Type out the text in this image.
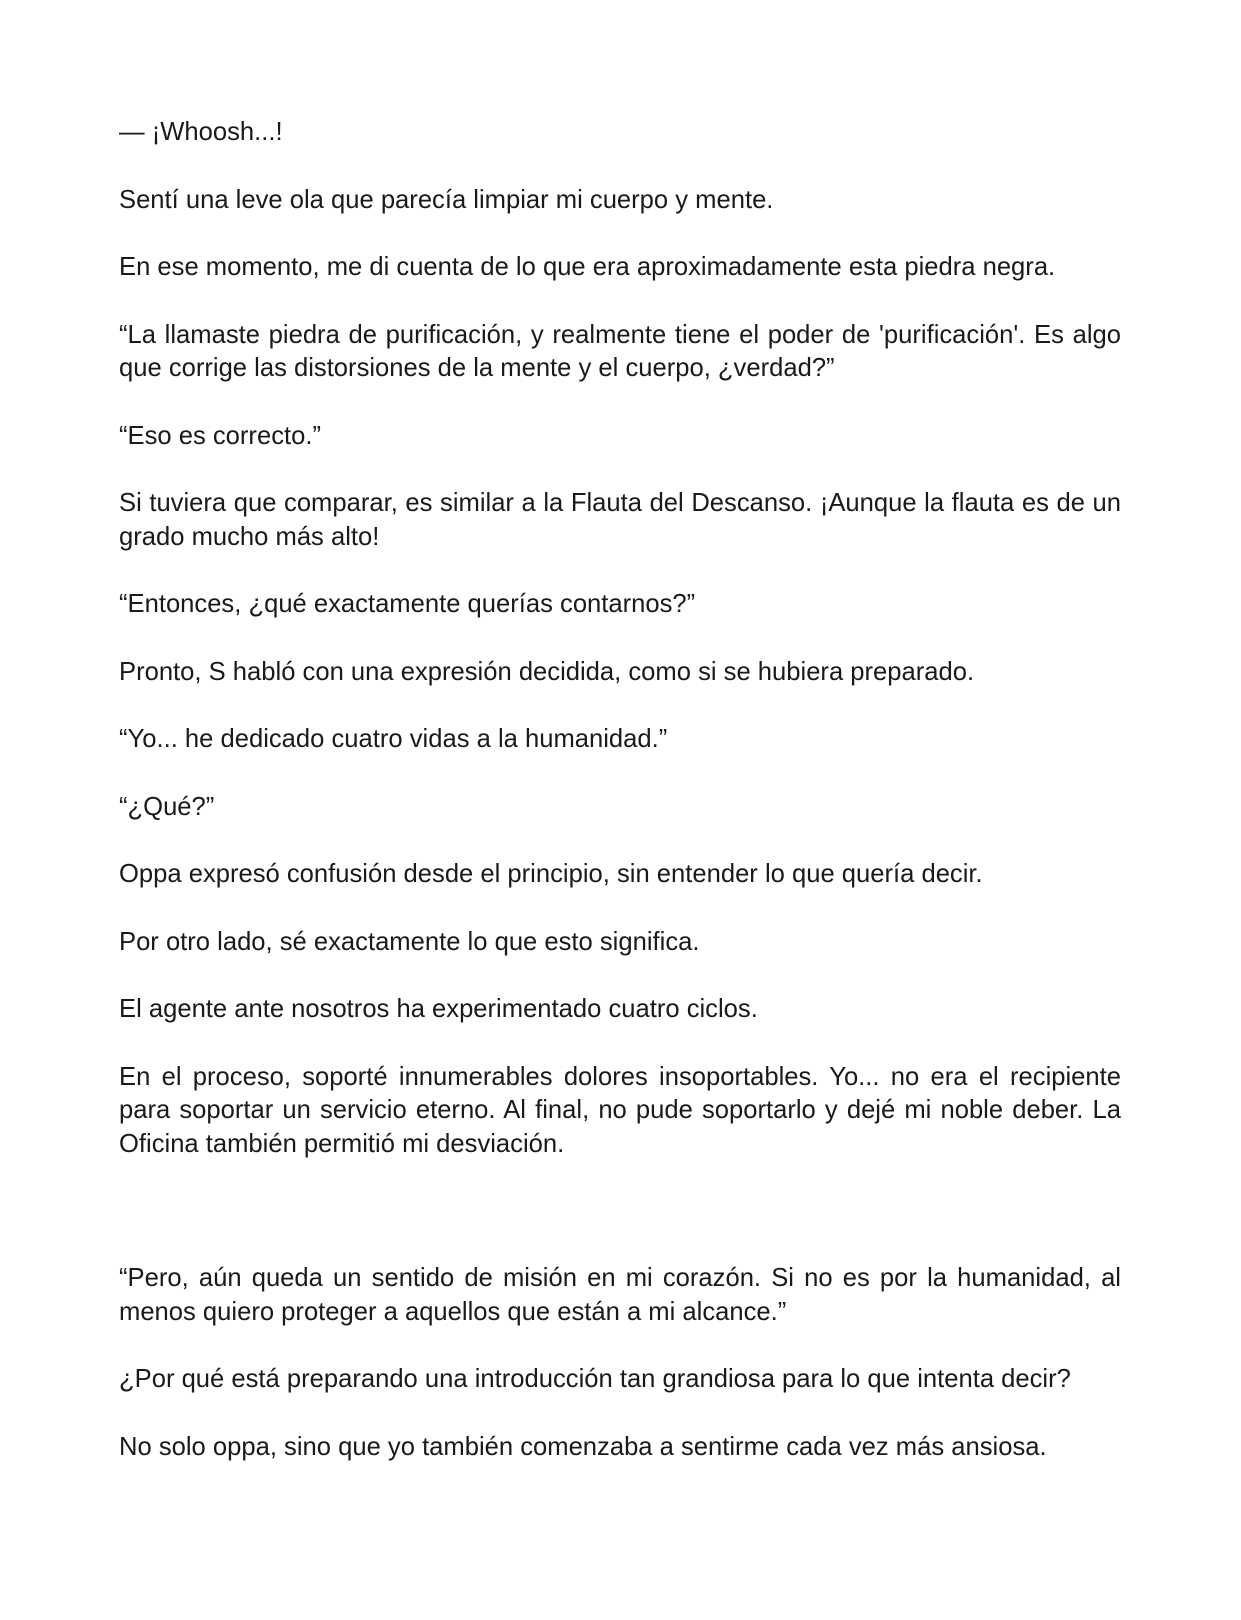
— ¡Whoosh...!

Sentí una leve ola que parecía limpiar mi cuerpo y mente.

En ese momento, me di cuenta de lo que era aproximadamente esta piedra negra.

“La llamaste piedra de purificación, y realmente tiene el poder de 'purificación'. Es algo que corrige las distorsiones de la mente y el cuerpo, ¿verdad?”

“Eso es correcto.”

Si tuviera que comparar, es similar a la Flauta del Descanso. ¡Aunque la flauta es de un grado mucho más alto!

“Entonces, ¿qué exactamente querías contarnos?”

Pronto, S habló con una expresión decidida, como si se hubiera preparado.

“Yo... he dedicado cuatro vidas a la humanidad.”

“¿Qué?”

Oppa expresó confusión desde el principio, sin entender lo que quería decir.

Por otro lado, sé exactamente lo que esto significa.

El agente ante nosotros ha experimentado cuatro ciclos.

En el proceso, soporté innumerables dolores insoportables. Yo... no era el recipiente para soportar un servicio eterno. Al final, no pude soportarlo y dejé mi noble deber. La Oficina también permitió mi desviación.

“Pero, aún queda un sentido de misión en mi corazón. Si no es por la humanidad, al menos quiero proteger a aquellos que están a mi alcance.”

¿Por qué está preparando una introducción tan grandiosa para lo que intenta decir?

No solo oppa, sino que yo también comenzaba a sentirme cada vez más ansiosa.
